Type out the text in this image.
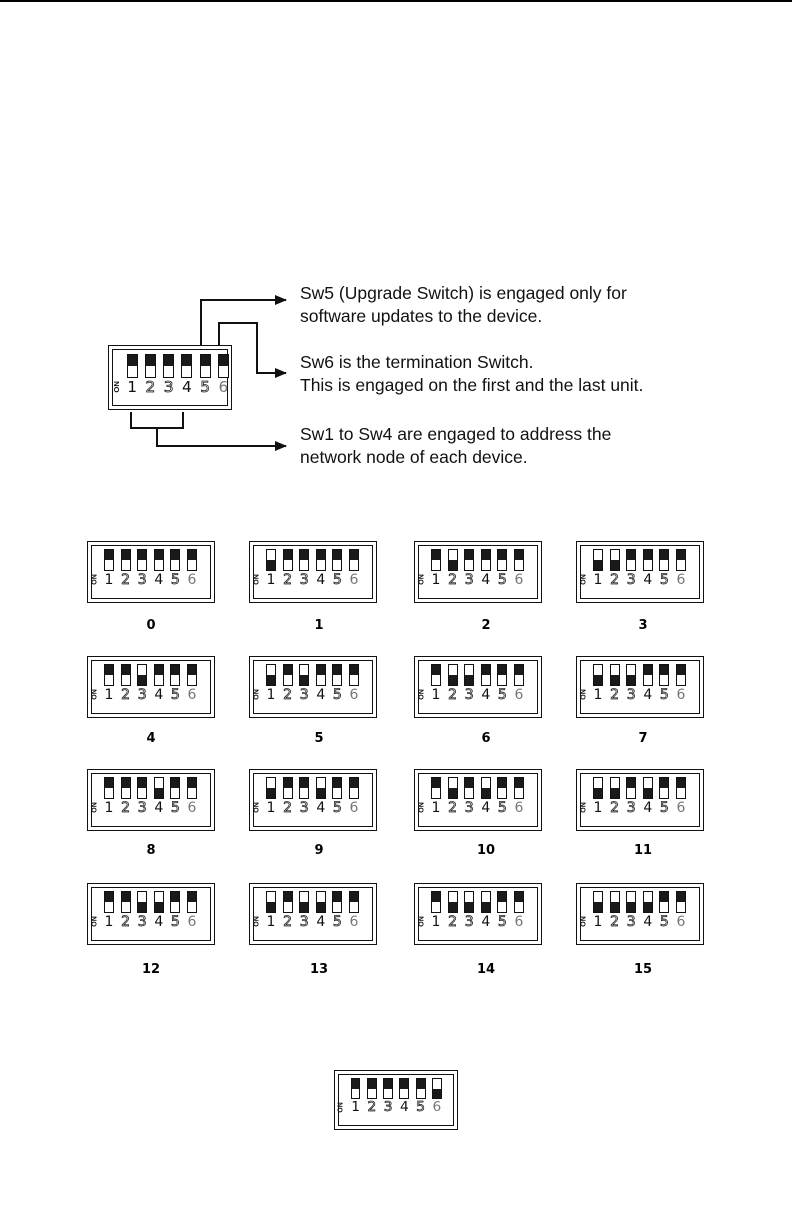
Sw5 (Upgrade Switch) is engaged only for
software updates to the device.
Sw6 is the termination Switch.
This is engaged on the first and the last unit.
Sw1 to Sw4 are engaged to address the
network node of each device.
1 2 3 4 5 6
ON
1 2 3 4 5 6
ON
0
1 2 3 4 5 6
ON
1
1 2 3 4 5 6
ON
2
1 2 3 4 5 6
ON
3
1 2 3 4 5 6
ON
4
1 2 3 4 5 6
ON
5
1 2 3 4 5 6
ON
6
1 2 3 4 5 6
ON
7
1 2 3 4 5 6
ON
8
1 2 3 4 5 6
ON
9
1 2 3 4 5 6
ON
10
1 2 3 4 5 6
ON
11
1 2 3 4 5 6
ON
12
1 2 3 4 5 6
ON
13
1 2 3 4 5 6
ON
14
1 2 3 4 5 6
ON
15
1 2 3 4 5 6
ON
